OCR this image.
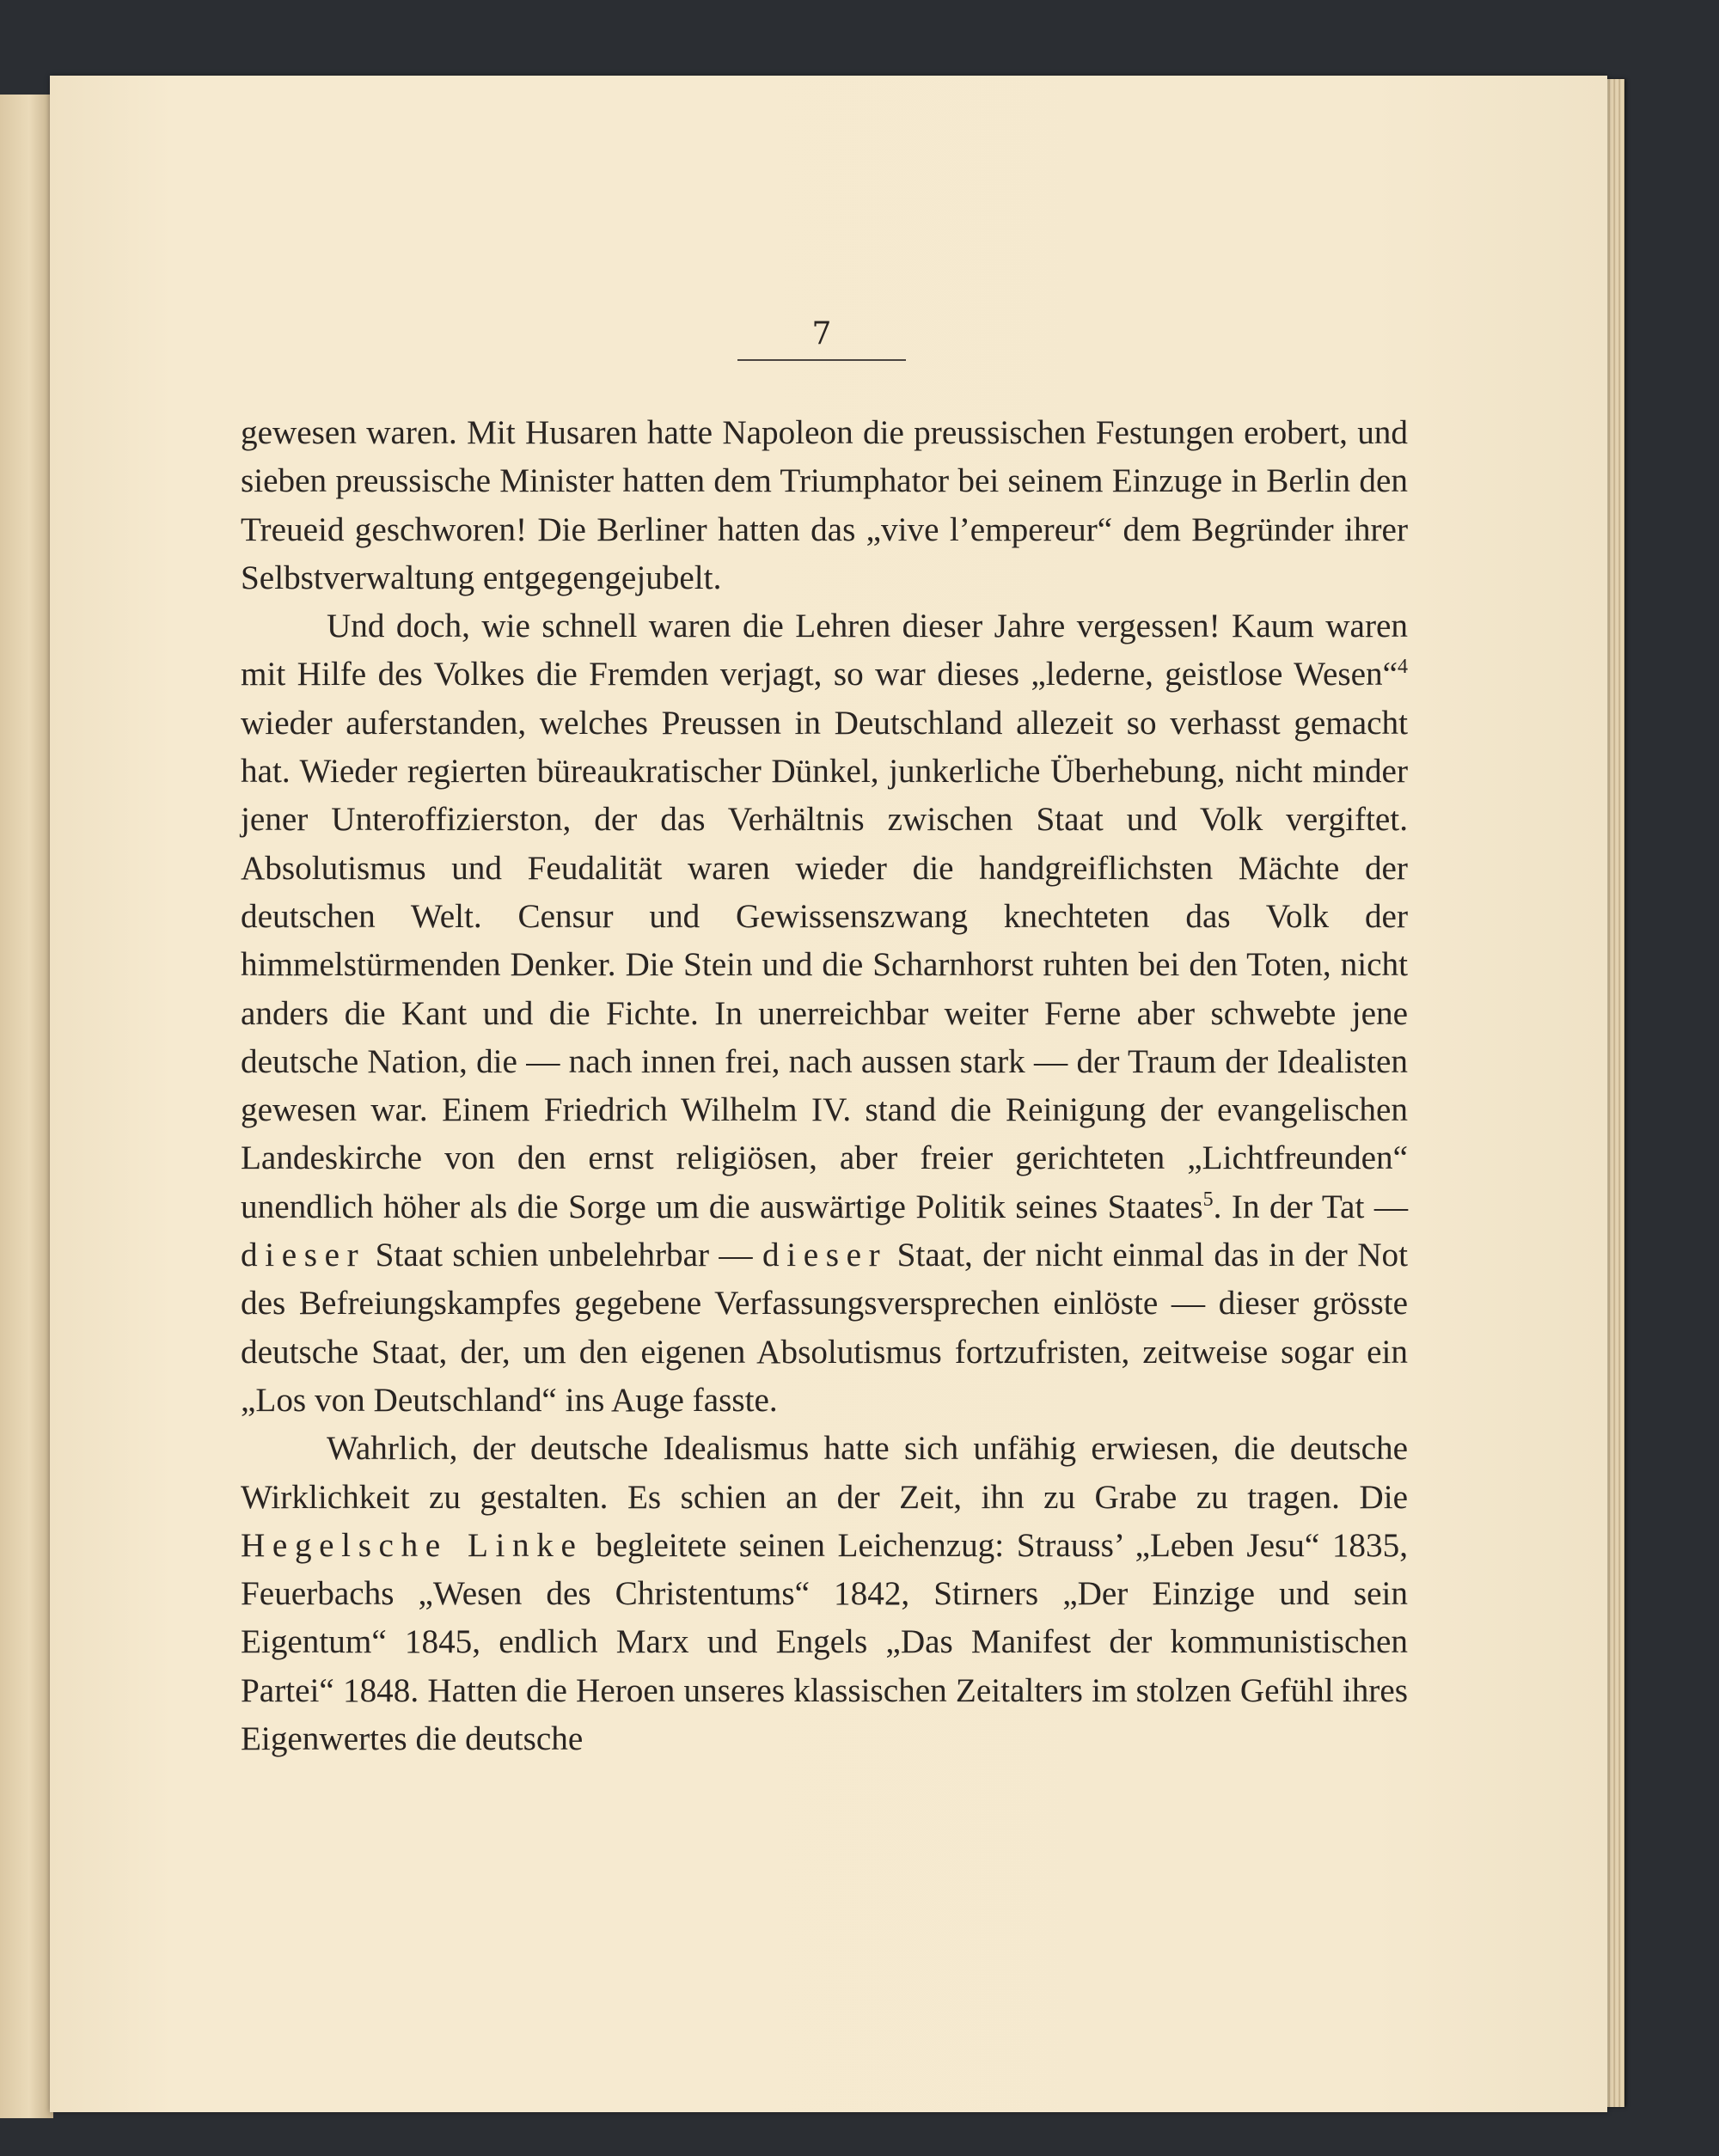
7

gewesen waren. Mit Husaren hatte Napoleon die preussischen Festungen erobert, und sieben preussische Minister hatten dem Triumphator bei seinem Einzuge in Berlin den Treueid geschworen! Die Berliner hatten das „vive l’empereur“ dem Begründer ihrer Selbstverwaltung entgegengejubelt.

Und doch, wie schnell waren die Lehren dieser Jahre vergessen! Kaum waren mit Hilfe des Volkes die Fremden verjagt, so war dieses „lederne, geistlose Wesen“$^4$ wieder auferstanden, welches Preussen in Deutschland allezeit so verhasst gemacht hat. Wieder regierten büreaukratischer Dünkel, junkerliche Überhebung, nicht minder jener Unteroffizierston, der das Verhältnis zwischen Staat und Volk vergiftet. Absolutismus und Feudalität waren wieder die handgreiflichsten Mächte der deutschen Welt. Censur und Gewissenszwang knechteten das Volk der himmelstürmenden Denker. Die Stein und die Scharnhorst ruhten bei den Toten, nicht anders die Kant und die Fichte. In unerreichbar weiter Ferne aber schwebte jene deutsche Nation, die — nach innen frei, nach aussen stark — der Traum der Idealisten gewesen war. Einem Friedrich Wilhelm IV. stand die Reinigung der evangelischen Landeskirche von den ernst religiösen, aber freier gerichteten „Lichtfreunden“ unendlich höher als die Sorge um die auswärtige Politik seines Staates$^5$. In der Tat — dieser Staat schien unbelehrbar — dieser Staat, der nicht einmal das in der Not des Befreiungskampfes gegebene Verfassungsversprechen einlöste — dieser grösste deutsche Staat, der, um den eigenen Absolutismus fortzufristen, zeitweise sogar ein „Los von Deutschland“ ins Auge fasste.

Wahrlich, der deutsche Idealismus hatte sich unfähig erwiesen, die deutsche Wirklichkeit zu gestalten. Es schien an der Zeit, ihn zu Grabe zu tragen. Die Hegelsche Linke begleitete seinen Leichenzug: Strauss’ „Leben Jesu“ 1835, Feuerbachs „Wesen des Christentums“ 1842, Stirners „Der Einzige und sein Eigentum“ 1845, endlich Marx und Engels „Das Manifest der kommunistischen Partei“ 1848. Hatten die Heroen unseres klassischen Zeitalters im stolzen Gefühl ihres Eigenwertes die deutsche
